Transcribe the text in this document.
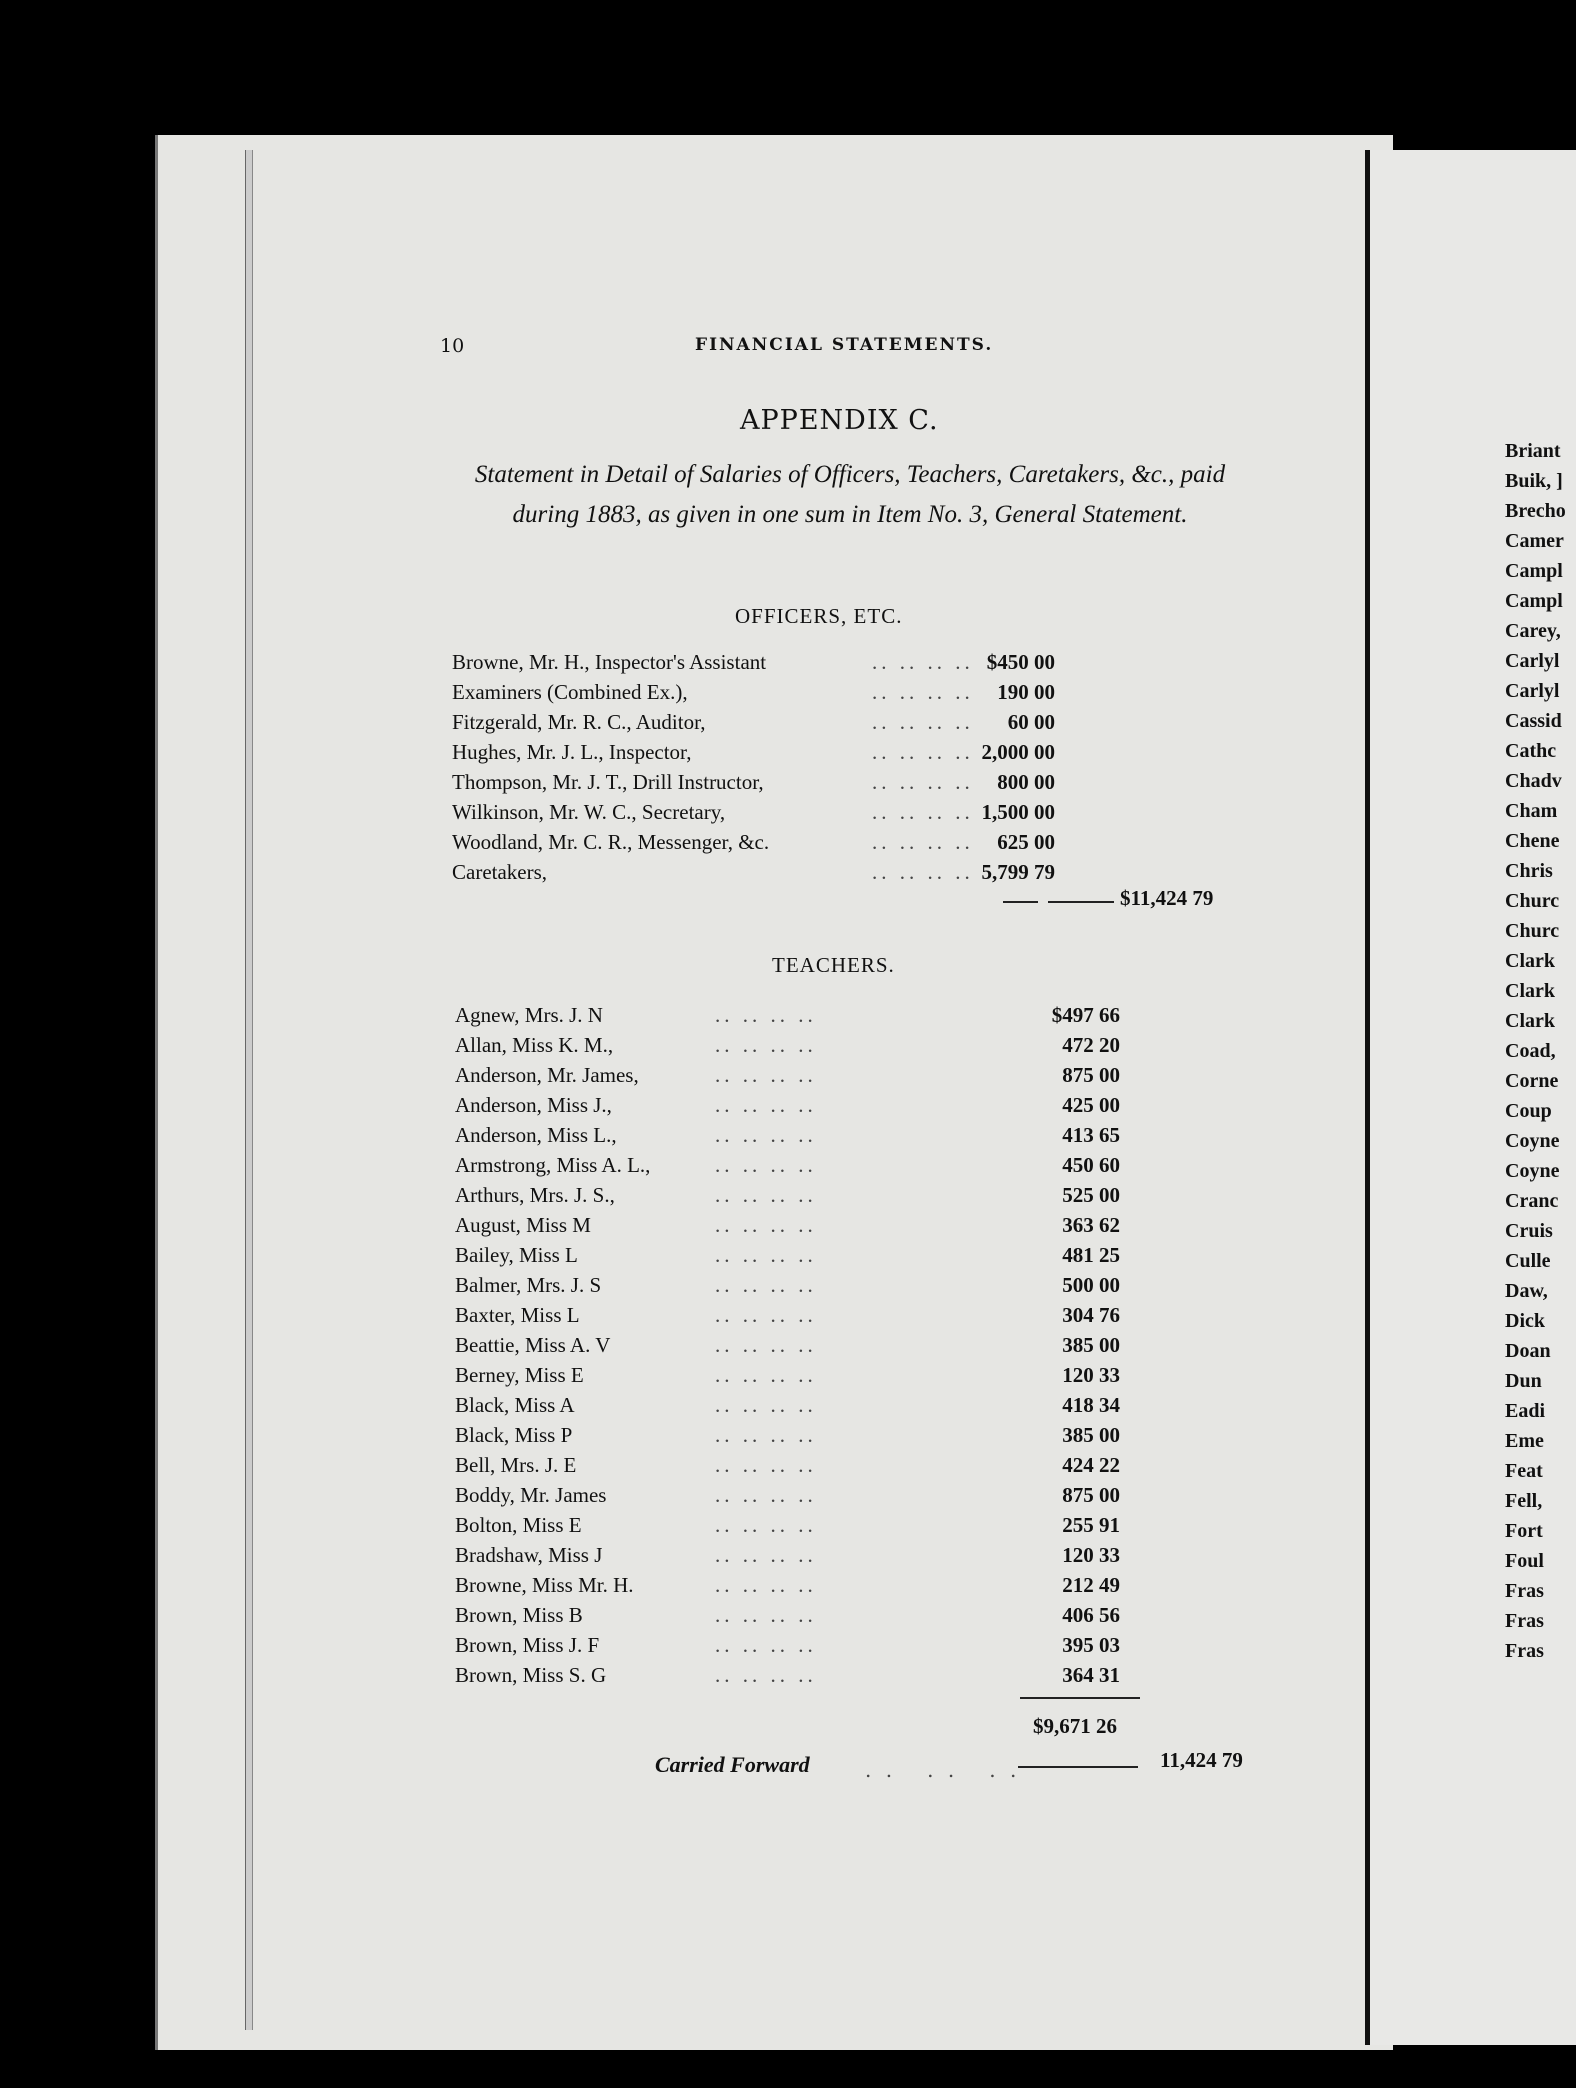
10	FINANCIAL STATEMENTS.
APPENDIX C.
Statement in Detail of Salaries of Officers, Teachers, Caretakers, &c., paid during 1883, as given in one sum in Item No. 3, General Statement.
OFFICERS, ETC.
Browne, Mr. H., Inspector's Assistant	.. .. .. .. $450 00
Examiners (Combined Ex.),	.. .. .. ..	190 00
Fitzgerald, Mr. R. C., Auditor,	.. .. .. ..	60 00
Hughes, Mr. J. L., Inspector,	.. .. .. .. 2,000 00
Thompson, Mr. J. T., Drill Instructor,	.. .. .. ..	800 00
Wilkinson, Mr. W. C., Secretary,	.. .. .. .. 1,500 00
Woodland, Mr. C. R., Messenger, &c.	.. .. .. ..	625 00
Caretakers,	.. .. .. .. 5,799 79
$11,424 79
TEACHERS.
Agnew, Mrs. J. N	.. .. .. ..	$497 66
Allan, Miss K. M.,	.. .. .. ..	472 20
Anderson, Mr. James,	.. .. .. ..	875 00
Anderson, Miss J.,	.. .. .. ..	425 00
Anderson, Miss L.,	.. .. .. ..	413 65
Armstrong, Miss A. L.,	.. .. .. ..	450 60
Arthurs, Mrs. J. S.,	.. .. .. ..	525 00
August, Miss M	.. .. .. ..	363 62
Bailey, Miss L	.. .. .. ..	481 25
Balmer, Mrs. J. S	.. .. .. ..	500 00
Baxter, Miss L	.. .. .. ..	304 76
Beattie, Miss A. V	.. .. .. ..	385 00
Berney, Miss E	.. .. .. ..	120 33
Black, Miss A	.. .. .. ..	418 34
Black, Miss P	.. .. .. ..	385 00
Bell, Mrs. J. E	.. .. .. ..	424 22
Boddy, Mr. James	.. .. .. ..	875 00
Bolton, Miss E	.. .. .. ..	255 91
Bradshaw, Miss J	.. .. .. ..	120 33
Browne, Miss Mr. H.	.. .. .. ..	212 49
Brown, Miss B	.. .. .. ..	406 56
Brown, Miss J. F	.. .. .. ..	395 03
Brown, Miss S. G	.. .. .. ..	364 31
$9,671 26
Carried Forward	. .   . .   . .	11,424 79
Briant
Buik, ]
Brecho
Camer
Campl
Campl
Carey,
Carlyl
Carlyl
Cassid
Cathc
Chadv
Cham
Chene
Chris
Churc
Churc
Clark
Clark
Clark
Coad,
Corne
Coup
Coyne
Coyne
Cranc
Cruis
Culle
Daw,
Dick
Doan
Dun
Eadi
Eme
Feat
Fell,
Fort
Foul
Fras
Fras
Fras
